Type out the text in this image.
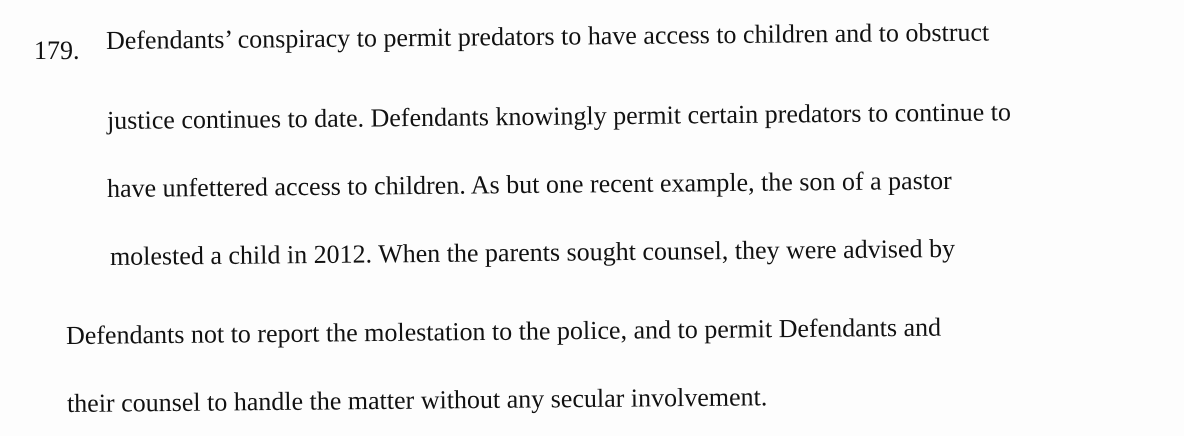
179. Defendants’ conspiracy to permit predators to have access to children and to obstruct
justice continues to date. Defendants knowingly permit certain predators to continue to
have unfettered access to children. As but one recent example, the son of a pastor
molested a child in 2012. When the parents sought counsel, they were advised by
Defendants not to report the molestation to the police, and to permit Defendants and
their counsel to handle the matter without any secular involvement.
